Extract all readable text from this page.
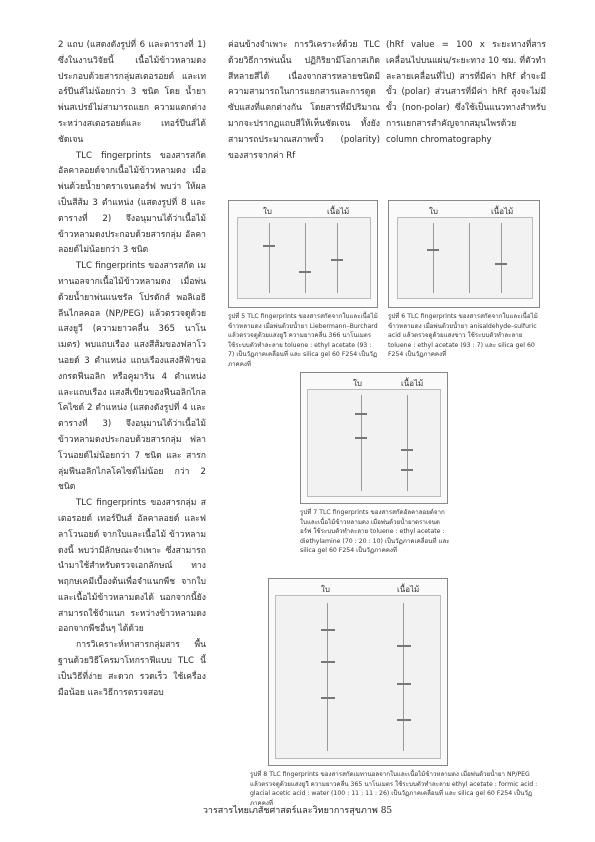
2 แถบ (แสดงดังรูปที่ 6 และตารางที่ 1) ซึ่งในงานวิจัยนี้ เนื้อไม้ข้าวหลามดง ประกอบด้วยสารกลุ่มสเตอรอยด์ และเทอร์ปีนส์ไม่น้อยกว่า 3 ชนิด โดย น้ำยาพ่นสเปรย์ไม่สามารถแยก ความแตกต่างระหว่างสเตอรอยด์และ เทอร์ปีนส์ได้ชัดเจน

TLC fingerprints ของสารสกัด อัลคาลอยด์จากเนื้อไม้ข้าวหลามดง เมื่อพ่นด้วยน้ำยาดราเจนดอร์ฟ พบว่า ให้ผลเป็นสีส้ม 3 ตำแหน่ง (แสดงรูปที่ 8 และตารางที่ 2) จึงอนุมานได้ว่าเนื้อไม้ ข้าวหลามดงประกอบด้วยสารกลุ่ม อัลคาลอยด์ไม่น้อยกว่า 3 ชนิด

TLC fingerprints ของสารสกัด เมทานอลจากเนื้อไม้ข้าวหลามดง เมื่อพ่นด้วยน้ำยาพ่นแนชรัล โปรดักส์ พอลิเอธิลีนไกลคอล (NP/PEG) แล้วตรวจดูด้วยแสงยูวี (ความยาวคลื่น 365 นาโนเมตร) พบแถบเรือง แสงสีส้มของฟลาโวนอยด์ 3 ตำแหน่ง แถบเรืองแสงสีฟ้าของกรดฟีนอลิก หรือคูมาริน 4 ตำแหน่ง และแถบเรือง แสงสีเขียวของฟีนอลิกไกลโคไซด์ 2 ตำแหน่ง (แสดงดังรูปที่ 4 และ ตารางที่ 3) จึงอนุมานได้ว่าเนื้อไม้ ข้าวหลามดงประกอบด้วยสารกลุ่ม ฟลาโวนอยด์ไม่น้อยกว่า 7 ชนิด และ สารกลุ่มฟีนอลิกไกลโคไซด์ไม่น้อย กว่า 2 ชนิด

TLC fingerprints ของสารกลุ่ม สเตอรอยด์ เทอร์ปีนส์ อัลคาลอยด์ และฟลาโวนอยด์ จากใบและเนื้อไม้ ข้าวหลามดงนี้ พบว่ามีลักษณะจำเพาะ ซึ่งสามารถนำมาใช้สำหรับตรวจเอกลักษณ์ ทางพฤกษเคมีเบื้องต้นเพื่อจำแนกพืช จากใบและเนื้อไม้ข้าวหลามดงได้ นอกจากนี้ยังสามารถใช้จำแนก ระหว่างข้าวหลามดงออกจากพืชอื่นๆ ได้ด้วย

การวิเคราะห์หาสารกลุ่มสาร พื้นฐานด้วยวิธีโครมาโทกราฟีแบบ TLC นี้ เป็นวิธีที่ง่าย สะดวก รวดเร็ว ใช้เครื่องมือน้อย และวิธีการตรวจสอบ

ค่อนข้างจำเพาะ การวิเคราะห์ด้วย TLC ด้วยวิธีการพ่นนั้น ปฏิกิริยามีโอกาสเกิดสีหลายสีได้ เนื่องจากสารหลายชนิดมีความสามารถในการแยกสารและการดูดซับแสงที่แตกต่างกัน โดยสารที่มีปริมาณมากจะปรากฏแถบสีให้เห็นชัดเจน ทั้งยังสามารถประมาณสภาพขั้ว (polarity) ของสารจากค่า Rf

(hRf value = 100 x ระยะทางที่สารเคลื่อนไปบนแผ่น/ระยะทาง 10 ซม. ที่ตัวทำละลายเคลื่อนที่ไป) สารที่มีค่า hRf ต่ำจะมีขั้ว (polar) ส่วนสารที่มีค่า hRf สูงจะไม่มีขั้ว (non-polar) ซึ่งใช้เป็นแนวทางสำหรับการแยกสารสำคัญจากสมุนไพรด้วย column chromatography

ใบ	เนื้อไม้
รูปที่ 5 TLC fingerprints ของสารสกัดจากใบและเนื้อไม้ข้าวหลามดง เมื่อพ่นด้วยน้ำยา Liebermann–Burchard แล้วตรวจดูด้วยแสงยูวี ความยาวคลื่น 366 นาโนเมตร ใช้ระบบตัวทำละลาย toluene : ethyl acetate (93 : 7) เป็นวัฏภาคเคลื่อนที่ และ silica gel 60 F254 เป็นวัฏภาคคงที่
ใบ	เนื้อไม้
รูปที่ 6 TLC fingerprints ของสารสกัดจากใบและเนื้อไม้ข้าวหลามดง เมื่อพ่นด้วยน้ำยา anisaldehyde–sulfuric acid แล้วตรวจดูด้วยแสงขาว ใช้ระบบตัวทำละลาย toluene : ethyl acetate (93 : 7) และ silica gel 60 F254 เป็นวัฏภาคคงที่
ใบ	เนื้อไม้
รูปที่ 7 TLC fingerprints ของสารสกัดอัลคาลอยด์จากใบและเนื้อไม้ข้าวหลามดง เมื่อพ่นด้วยน้ำยาดราเจนดอร์ฟ ใช้ระบบตัวทำละลาย toluene : ethyl acetate : diethylamine (70 : 20 : 10) เป็นวัฏภาคเคลื่อนที่ และ silica gel 60 F254 เป็นวัฏภาคคงที่
ใบ	เนื้อไม้
รูปที่ 8 TLC fingerprints ของสารสกัดเมทานอลจากใบและเนื้อไม้ข้าวหลามดง เมื่อพ่นด้วยน้ำยา NP/PEG แล้วตรวจดูด้วยแสงยูวี ความยาวคลื่น 365 นาโนเมตร ใช้ระบบตัวทำละลาย ethyl acetate : formic acid : glacial acetic acid : water (100 : 11 : 11 : 26) เป็นวัฏภาคเคลื่อนที่ และ silica gel 60 F254 เป็นวัฏภาคคงที่
วารสารไทยเภสัชศาสตร์และวิทยาการสุขภาพ 85
